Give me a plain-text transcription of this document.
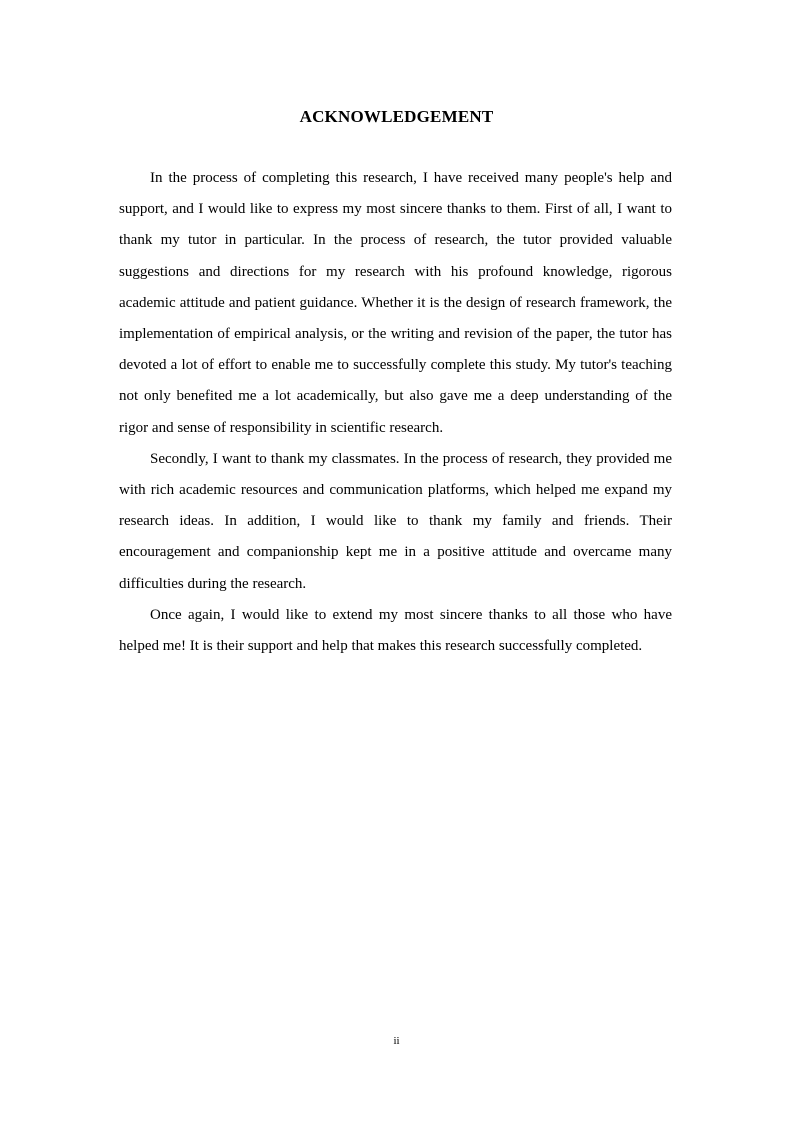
ACKNOWLEDGEMENT

In the process of completing this research, I have received many people's help and support, and I would like to express my most sincere thanks to them. First of all, I want to thank my tutor in particular. In the process of research, the tutor provided valuable suggestions and directions for my research with his profound knowledge, rigorous academic attitude and patient guidance. Whether it is the design of research framework, the implementation of empirical analysis, or the writing and revision of the paper, the tutor has devoted a lot of effort to enable me to successfully complete this study. My tutor's teaching not only benefited me a lot academically, but also gave me a deep understanding of the rigor and sense of responsibility in scientific research.

Secondly, I want to thank my classmates. In the process of research, they provided me with rich academic resources and communication platforms, which helped me expand my research ideas. In addition, I would like to thank my family and friends. Their encouragement and companionship kept me in a positive attitude and overcame many difficulties during the research.

Once again, I would like to extend my most sincere thanks to all those who have helped me! It is their support and help that makes this research successfully completed.

ii
